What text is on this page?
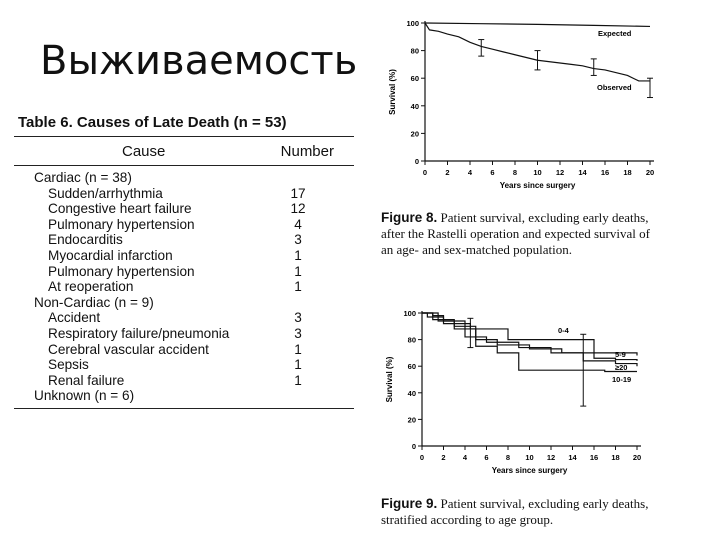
Выживаемость
Table 6. Causes of Late Death (n = 53)
Cause	Number
Cardiac (n = 38)
Sudden/arrhythmia	17
Congestive heart failure	12
Pulmonary hypertension	4
Endocarditis	3
Myocardial infarction	1
Pulmonary hypertension	1
At reoperation	1
Non-Cardiac (n = 9)
Accident	3
Respiratory failure/pneumonia	3
Cerebral vascular accident	1
Sepsis	1
Renal failure	1
Unknown (n = 6)
0
20
40
60
80
100
0 2 4 6 8 10 12 14 16 18 20
Years since surgery
Survival (%)
Expected
Observed
0
20
40
60
80
100
0 2 4 6 8 10 12 14 16 18 20
Years since surgery
Survival (%)
0-4
5-9
≥20
10-19
Figure 8. Patient survival, excluding early deaths, after the Rastelli operation and expected survival of an age- and sex-matched population.
Figure 9. Patient survival, excluding early deaths, stratified according to age group.
